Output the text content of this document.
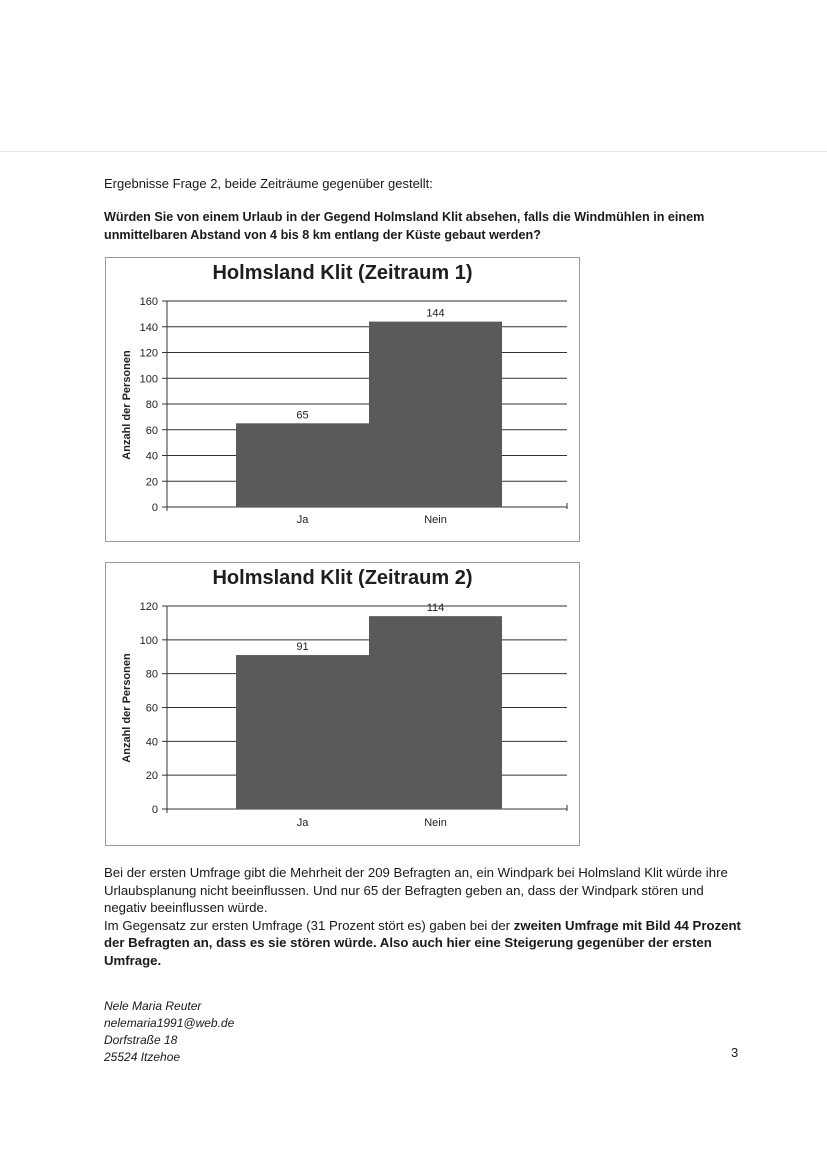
Ergebnisse Frage 2, beide Zeiträume gegenüber gestellt:
Würden Sie von einem Urlaub in der Gegend Holmsland Klit absehen, falls die Windmühlen in einem unmittelbaren Abstand von 4 bis 8 km entlang der Küste gebaut werden?
Holmsland Klit (Zeitraum 1)
0
20
40
60
80
100
120
140
160
65
Ja
144
Nein
Anzahl der Personen
Holmsland Klit (Zeitraum 2)
0
20
40
60
80
100
120
91
Ja
114
Nein
Anzahl der Personen

Bei der ersten Umfrage gibt die Mehrheit der 209 Befragten an, ein Windpark bei Holmsland Klit würde ihre Urlaubsplanung nicht beeinflussen. Und nur 65 der Befragten geben an, dass der Windpark stören und negativ beeinflussen würde.

Im Gegensatz zur ersten Umfrage (31 Prozent stört es) gaben bei der zweiten Umfrage mit Bild 44 Prozent der Befragten an, dass es sie stören würde. Also auch hier eine Steigerung gegenüber der ersten Umfrage.

Nele Maria Reuter
nelemaria1991@web.de
Dorfstraße 18
25524 Itzehoe	3
